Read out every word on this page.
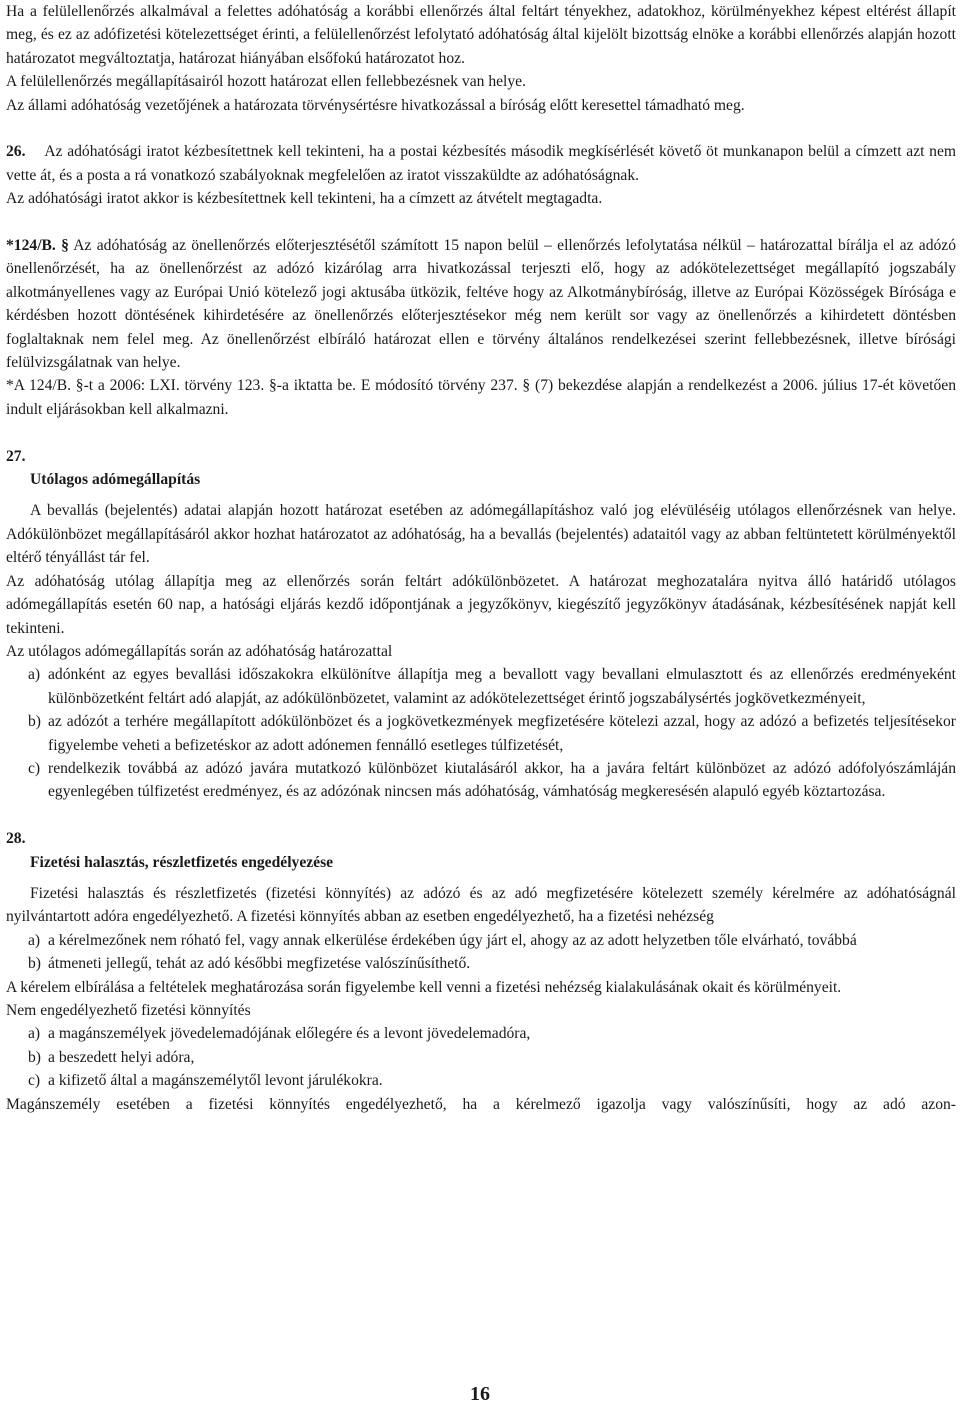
Ha a felülellenőrzés alkalmával a felettes adóhatóság a korábbi ellenőrzés által feltárt tényekhez, adatokhoz, körülményekhez képest eltérést állapít meg, és ez az adófizetési kötelezettséget érinti, a felülellenőrzést lefolytató adóhatóság által kijelölt bizottság elnöke a korábbi ellenőrzés alapján hozott határozatot megváltoztatja, határozat hiányában elsőfokú határozatot hoz.

A felülellenőrzés megállapításairól hozott határozat ellen fellebbezésnek van helye.

Az állami adóhatóság vezetőjének a határozata törvénysértésre hivatkozással a bíróság előtt keresettel támadható meg.

26. Az adóhatósági iratot kézbesítettnek kell tekinteni, ha a postai kézbesítés második megkísérlését követő öt munkanapon belül a címzett azt nem vette át, és a posta a rá vonatkozó szabályoknak megfelelően az iratot visszaküldte az adóhatóságnak.

Az adóhatósági iratot akkor is kézbesítettnek kell tekinteni, ha a címzett az átvételt megtagadta.

*124/B. § Az adóhatóság az önellenőrzés előterjesztésétől számított 15 napon belül – ellenőrzés lefolytatása nélkül – határozattal bírálja el az adózó önellenőrzését, ha az önellenőrzést az adózó kizárólag arra hivatkozással terjeszti elő, hogy az adókötelezettséget megállapító jogszabály alkotmányellenes vagy az Európai Unió kötelező jogi aktusába ütközik, feltéve hogy az Alkotmánybíróság, illetve az Európai Közösségek Bírósága e kérdésben hozott döntésének kihirdetésére az önellenőrzés előterjesztésekor még nem került sor vagy az önellenőrzés a kihirdetett döntésben foglaltaknak nem felel meg. Az önellenőrzést elbíráló határozat ellen e törvény általános rendelkezései szerint fellebbezésnek, illetve bírósági felülvizsgálatnak van helye.

*A 124/B. §-t a 2006: LXI. törvény 123. §-a iktatta be. E módosító törvény 237. § (7) bekezdése alapján a rendelkezést a 2006. július 17-ét követően indult eljárásokban kell alkalmazni.

27.

Utólagos adómegállapítás

A bevallás (bejelentés) adatai alapján hozott határozat esetében az adómegállapításhoz való jog elévüléséig utólagos ellenőrzésnek van helye. Adókülönbözet megállapításáról akkor hozhat határozatot az adóhatóság, ha a bevallás (bejelentés) adataitól vagy az abban feltüntetett körülményektől eltérő tényállást tár fel.

Az adóhatóság utólag állapítja meg az ellenőrzés során feltárt adókülönbözetet. A határozat meghozatalára nyitva álló határidő utólagos adómegállapítás esetén 60 nap, a hatósági eljárás kezdő időpontjának a jegyzőkönyv, kiegészítő jegyzőkönyv átadásának, kézbesítésének napját kell tekinteni.

Az utólagos adómegállapítás során az adóhatóság határozattal

a) adónként az egyes bevallási időszakokra elkülönítve állapítja meg a bevallott vagy bevallani elmulasztott és az ellenőrzés eredményeként különbözetként feltárt adó alapját, az adókülönbözetet, valamint az adókötelezettséget érintő jogszabálysértés jogkövetkezményeit,
b) az adózót a terhére megállapított adókülönbözet és a jogkövetkezmények megfizetésére kötelezi azzal, hogy az adózó a befizetés teljesítésekor figyelembe veheti a befizetéskor az adott adónemen fennálló esetleges túlfizetését,
c) rendelkezik továbbá az adózó javára mutatkozó különbözet kiutalásáról akkor, ha a javára feltárt különbözet az adózó adófolyószámláján egyenlegében túlfizetést eredményez, és az adózónak nincsen más adóhatóság, vámhatóság megkeresésén alapuló egyéb köztartozása.

28.

Fizetési halasztás, részletfizetés engedélyezése

Fizetési halasztás és részletfizetés (fizetési könnyítés) az adózó és az adó megfizetésére kötelezett személy kérelmére az adóhatóságnál nyilvántartott adóra engedélyezhető. A fizetési könnyítés abban az esetben engedélyezhető, ha a fizetési nehézség

a) a kérelmezőnek nem róható fel, vagy annak elkerülése érdekében úgy járt el, ahogy az az adott helyzetben tőle elvárható, továbbá
b) átmeneti jellegű, tehát az adó későbbi megfizetése valószínűsíthető.

A kérelem elbírálása a feltételek meghatározása során figyelembe kell venni a fizetési nehézség kialakulásának okait és körülményeit.

Nem engedélyezhető fizetési könnyítés

a) a magánszemélyek jövedelemadójának előlegére és a levont jövedelemadóra,
b) a beszedett helyi adóra,
c) a kifizető által a magánszemélytől levont járulékokra.

Magánszemély esetében a fizetési könnyítés engedélyezhető, ha a kérelmező igazolja vagy valószínűsíti, hogy az adó azon-

16
